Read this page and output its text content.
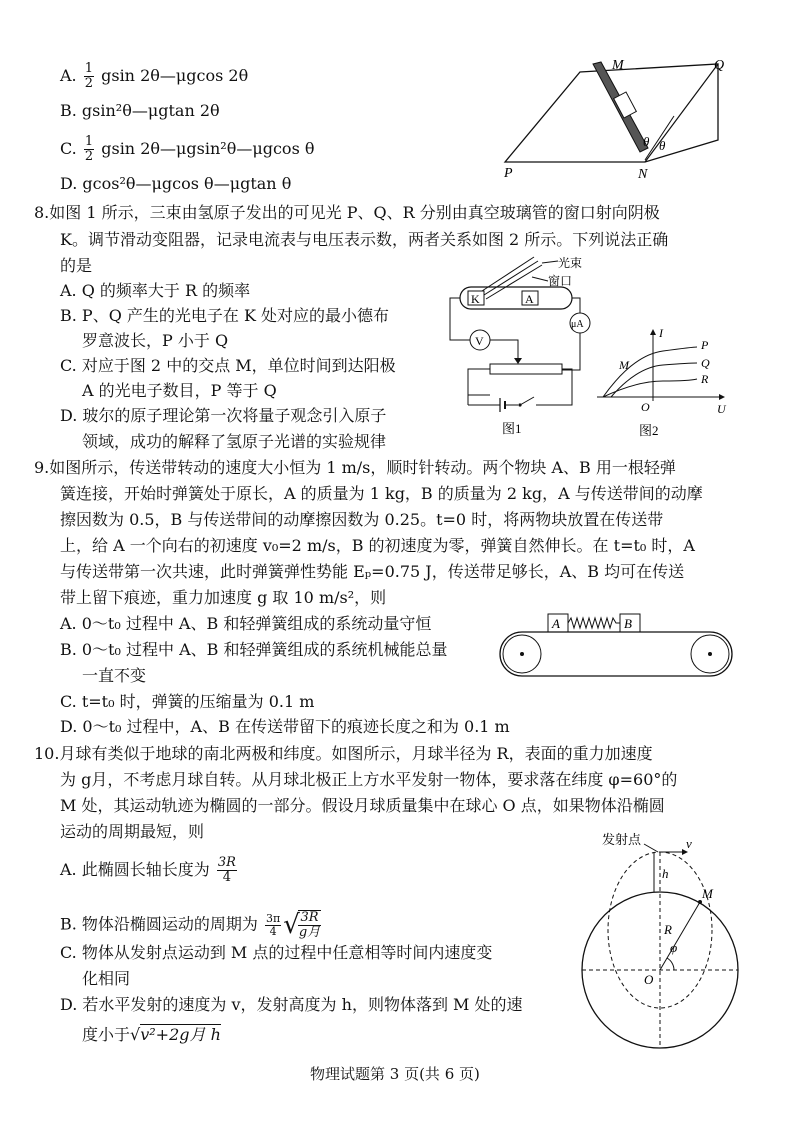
A. $\frac{1}{2}$ gsin 2θ—μgcos 2θ
B. gsin²θ—μgtan 2θ
C. $\frac{1}{2}$ gsin 2θ—μgsin²θ—μgcos θ
D. gcos²θ—μgcos θ—μgtan θ
M	Q
P	N
θ θ
8.如图 1 所示，三束由氢原子发出的可见光 P、Q、R 分别由真空玻璃管的窗口射向阴极
K。调节滑动变阻器，记录电流表与电压表示数，两者关系如图 2 所示。下列说法正确
的是
A. Q 的频率大于 R 的频率
B. P、Q 产生的光电子在 K 处对应的最小德布
罗意波长，P 小于 Q
C. 对应于图 2 中的交点 M，单位时间到达阳极
A 的光电子数目，P 等于 Q
D. 玻尔的原子理论第一次将量子观念引入原子
领域，成功的解释了氢原子光谱的实验规律
K	A
光束
窗口
μA
V
图1
I
U
O
M
P
Q
R
图2
9.如图所示，传送带转动的速度大小恒为 1 m/s，顺时针转动。两个物块 A、B 用一根轻弹
簧连接，开始时弹簧处于原长，A 的质量为 1 kg，B 的质量为 2 kg，A 与传送带间的动摩
擦因数为 0.5，B 与传送带间的动摩擦因数为 0.25。t=0 时，将两物块放置在传送带
上，给 A 一个向右的初速度 v₀=2 m/s，B 的初速度为零，弹簧自然伸长。在 t=t₀ 时，A
与传送带第一次共速，此时弹簧弹性势能 Eₚ=0.75 J，传送带足够长，A、B 均可在传送
带上留下痕迹，重力加速度 g 取 10 m/s²，则
A. 0～t₀ 过程中 A、B 和轻弹簧组成的系统动量守恒
B. 0～t₀ 过程中 A、B 和轻弹簧组成的系统机械能总量
一直不变
C. t=t₀ 时，弹簧的压缩量为 0.1 m
D. 0～t₀ 过程中，A、B 在传送带留下的痕迹长度之和为 0.1 m
A	B
10.月球有类似于地球的南北两极和纬度。如图所示，月球半径为 R，表面的重力加速度
为 g月，不考虑月球自转。从月球北极正上方水平发射一物体，要求落在纬度 φ=60°的
M 处，其运动轨迹为椭圆的一部分。假设月球质量集中在球心 O 点，如果物体沿椭圆
运动的周期最短，则
A. 此椭圆长轴长度为 $\frac{3R}{4}$
B. 物体沿椭圆运动的周期为 $\frac{3\pi}{4}$ √
$\frac{3R}{\text{g月}}$
C. 物体从发射点运动到 M 点的过程中任意相等时间内速度变
化相同
D. 若水平发射的速度为 v，发射高度为 h，则物体落到 M 处的速
度小于√v²+2g月 h
发射点	v
h
M
R
φ
O
物理试题第 3 页(共 6 页)
